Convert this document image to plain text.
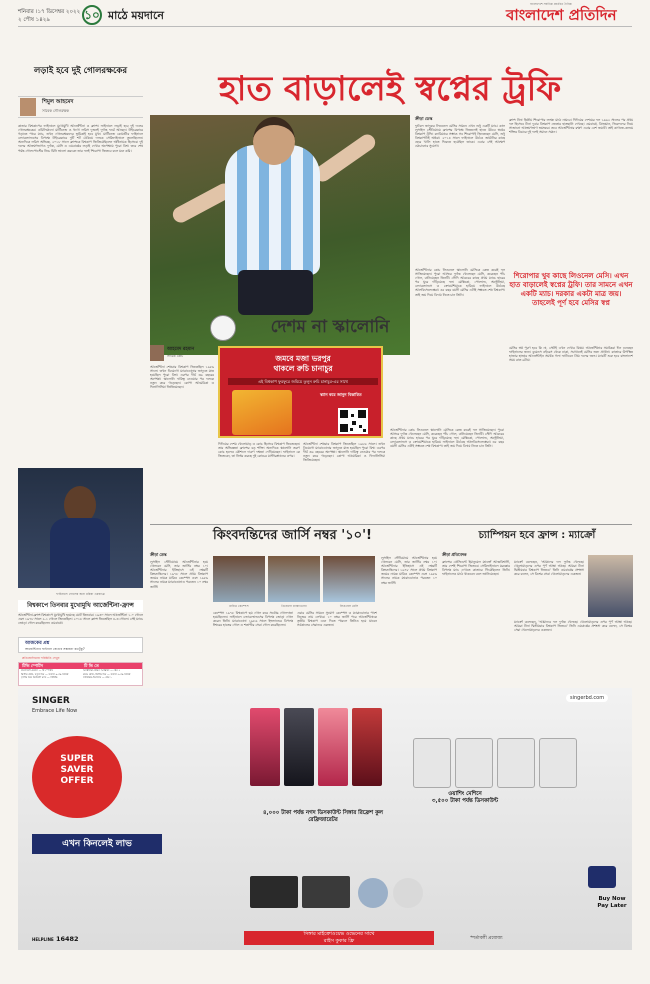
শনিবার ।১৭ ডিসেম্বর ২০২২
২ পৌষ ১৪২৯	১০ মাঠে ময়দানে
বাংলাদেশে সর্বাধিক প্রচারিত দৈনিক
বাংলাদেশ প্রতিদিন
লড়াই হবে দুই গোলরক্ষকের
শিমুল আহমেদ
সাবেক গোলরক্ষক
কাতার বিশ্বকাপের ফাইনালে মুখোমুখি আর্জেন্টিনা ও ফ্রান্স। ফাইনালে লড়াই হবে দুই দলের গোলরক্ষকের। এমিলিয়ানো মার্টিনেজ ও হুগো লরিস দুজনই দুর্দান্ত ফর্মে আছেন। টাইব্রেকারে গড়াতে পারে ম্যাচ, তখন গোলরক্ষকদের ভূমিকাই হবে মুখ্য। মার্টিনেজ কোয়ার্টার ফাইনালে নেদারল্যান্ডসের বিপক্ষে টাইব্রেকারে দুটি শট ঠেকিয়ে দলকে সেমিফাইনালে তুলেছিলেন। অন্যদিকে লরিস অভিজ্ঞ, ২০১৮ সালে ফ্রান্সকে বিশ্বকাপ জিতিয়েছিলেন অধিনায়ক হিসেবে। দুই দলের আক্রমণভাগও দুর্দান্ত, মেসি ও এমবাপ্পের লড়াই দেখার অপেক্ষায় পুরো বিশ্ব। তবে শেষ পর্যন্ত গোলপোস্টের নিচে যিনি ভালো করবেন তার দলই শিরোপা জিতবে বলে মনে করি।
ফাইনালে গোলের জন্য মরিয়া এমবাপ্পে
বিশ্বকাপে তিনবার মুখোমুখি আর্জেন্টিনা-ফ্রান্স
আর্জেন্টিনা-ফ্রান্স বিশ্বকাপে মুখোমুখি হয়েছে মোট তিনবার। ১৯৩০ সালে আর্জেন্টিনা ১-০ গোলে এবং ১৯৭৮ সালে ২-১ গোলে জিতেছিল। ২০১৮ সালে ফ্রান্স জিতেছিল ৪-৩ গোলে। সেই ম্যাচে জোড়া গোল করেছিলেন এমবাপ্পে।
আজকের প্রশ্ন
আর্জেন্টিনার ফাইনাল জেতার সম্ভাবনা কতটুকু?
হাত বাড়ালেই স্বপ্নের ট্রফি
ক্রীড়া ডেস্ক
ফুটবল জাদুকর লিওনেল মেসির সামনে এখন শুধু একটি ম্যাচ। কাল লুসাইল স্টেডিয়ামে ফ্রান্সের বিপক্ষে জিতলেই হাতে উঠবে স্বপ্নের বিশ্বকাপ ট্রফি। ক্যারিয়ারে সম্ভাব্য সব শিরোপাই জিতেছেন মেসি, শুধু বিশ্বকাপটাই অধরা। ২০১৪ সালে ফাইনালে উঠেও জার্মানির কাছে হেরে খালি হাতে ফিরতে হয়েছিল তাকে। এবার সেই আক্ষেপ ঘোচানোর সুযোগ।
আর্জেন্টিনার কোচ লিওনেল স্কালোনি মেসিকে কেন্দ্র করেই দল সাজিয়েছেন। পুরো আসরে দুর্দান্ত খেলেছেন মেসি, করেছেন পাঁচ গোল, বানিয়েছেন তিনটি। সৌদি আরবের কাছে প্রথম ম্যাচে হারের পর ঘুরে দাঁড়িয়েছে দল। মেক্সিকো, পোল্যান্ড, অস্ট্রেলিয়া, নেদারল্যান্ডস ও ক্রোয়েশিয়াকে হারিয়ে ফাইনালে উঠেছে আলবিসেলেস্তেরা। ৩৫ বছর বয়সী মেসির এটাই সম্ভবত শেষ বিশ্বকাপ। তাই জয় দিয়ে বিদায় নিতে চান তিনি।
ফ্রান্স টানা দ্বিতীয় শিরোপার লক্ষ্যে মাঠে নামবে। দিদিয়ের দেশমের দল ১৯৬২ সালের পর প্রথম দল হিসেবে টানা দুবার বিশ্বকাপ জেতার হাতছানি দেখছে। এমবাপ্পে, গ্রিজমান, জিরুদদের নিয়ে সাজানো আক্রমণভাগ ভয়ংকর। তবে আর্জেন্টিনার রক্ষণ এবার বেশ জমাট। তাই কাগজে-কলমে শক্তির বিচারে দুই দলই সমানে সমান।
শিরোপার খুব কাছে লিওনেল মেসি। এখন হাত বাড়ালেই স্বপ্নের ট্রফি। তার সামনে এখন একটি ম্যাচ। দরকার একটা মাত্র জয়। তাহলেই পূর্ণ হবে মেসির স্বপ্ন
মেসির স্বপ্ন পূরণ হবে কি না, সেটাই এখন দেখার বিষয়। আর্জেন্টিনার সমর্থকরা দিন গুনছেন ফাইনালের জন্য। বুয়েনস এইরেস থেকে ঢাকা, সবখানেই মেসির জন্য প্রার্থনা। কাতারে উপস্থিত হাজার হাজার আর্জেন্টাইন সমর্থক গলা ফাটাবেন প্রিয় দলের জন্য। ম্যাচটি শুরু হবে বাংলাদেশ সময় রাত ৯টায়।
আর্জেন্টিনার কোচ লিওনেল স্কালোনি মেসিকে কেন্দ্র করেই দল সাজিয়েছেন। পুরো আসরে দুর্দান্ত খেলেছেন মেসি, করেছেন পাঁচ গোল, বানিয়েছেন তিনটি। সৌদি আরবের কাছে প্রথম ম্যাচে হারের পর ঘুরে দাঁড়িয়েছে দল। মেক্সিকো, পোল্যান্ড, অস্ট্রেলিয়া, নেদারল্যান্ডস ও ক্রোয়েশিয়াকে হারিয়ে ফাইনালে উঠেছে আলবিসেলেস্তেরা। ৩৫ বছর বয়সী মেসির এটাই সম্ভবত শেষ বিশ্বকাপ। তাই জয় দিয়ে বিদায় নিতে চান তিনি।
দেশম না স্কালোনি
আহমেদ রহমান
সাবেক কোচ
আর্জেন্টিনা শেষবার বিশ্বকাপ জিতেছিল ১৯৮৬ সালে। তখন ডিয়েগো ম্যারাডোনার জাদুতে মাত হয়েছিল পুরো বিশ্ব। এরপর দীর্ঘ ৩৬ বছরের অপেক্ষা। স্কালোনি দায়িত্ব নেওয়ার পর দলকে নতুন করে গড়েছেন। কোপা আমেরিকা ও ফিনালিসিমা জিতিয়েছেন।
দিদিয়ের দেশম খেলোয়াড় ও কোচ হিসেবে বিশ্বকাপ জিতেছেন। তার অভিজ্ঞতা ফ্রান্সের বড় শক্তি। অন্যদিকে স্কালোনি তরুণ কোচ হলেও কৌশলে দারুণ দক্ষতা দেখিয়েছেন। ফাইনালে কে জিতবেন, তা নির্ভর করছে দুই কোচের মাস্টারপ্ল্যানের ওপর।
আর্জেন্টিনা শেষবার বিশ্বকাপ জিতেছিল ১৯৮৬ সালে। তখন ডিয়েগো ম্যারাডোনার জাদুতে মাত হয়েছিল পুরো বিশ্ব। এরপর দীর্ঘ ৩৬ বছরের অপেক্ষা। স্কালোনি দায়িত্ব নেওয়ার পর দলকে নতুন করে গড়েছেন। কোপা আমেরিকা ও ফিনালিসিমা জিতিয়েছেন।
জমবে মজা ভরপুর
থাকলে রুচি চানাচুর
এই বিশ্বকাপ ফুরফুরে জমিয়ে তুলুন রুচি চানাচুর-এর সাথে
স্ক্যান করে জানুন বিস্তারিত
কিংবদন্তিদের জার্সি নম্বর '১০'!	চ্যাম্পিয়ন হবে ফ্রান্স : ম্যাক্রোঁ
ক্রীড়া ডেস্ক
লুসাইল স্টেডিয়ামে আর্জেন্টিনার হয়ে খেলবেন মেসি, তার জার্সির নম্বর ১০। আর্জেন্টিনার ইতিহাসে এই নম্বরটি কিংবদন্তিদের। ১৯৭৮ সালে প্রথম বিশ্বকাপ জয়ের নায়ক মারিও কেম্পেস এবং ১৯৮৬ সালের নায়ক ম্যারাডোনাও পরতেন ১০ নম্বর জার্সি।
মারিও কেম্পেস	ডিয়েগো ম্যারাডোনা	লিওনেল মেসি
কেম্পেস ১৯৭৮ বিশ্বকাপে ছয় গোল করে সর্বোচ্চ গোলদাতা হয়েছিলেন। ফাইনালে নেদারল্যান্ডসের বিপক্ষে জোড়া গোল করেন তিনি। ম্যারাডোনা ১৯৮৬ সালে ইংল্যান্ডের বিপক্ষে ঈশ্বরের হাতের গোল ও শতাব্দীর সেরা গোল করেছিলেন।
এবার মেসির সামনে সুযোগ কেম্পেস ও ম্যারাডোনার পাশে নিজের নাম লেখার। ১০ নম্বর জার্সি পরে আর্জেন্টিনাকে তৃতীয় বিশ্বকাপ এনে দিতে পারলে তিনিও হয়ে যাবেন সর্বকালের সেরাদের একজন।
লুসাইল স্টেডিয়ামে আর্জেন্টিনার হয়ে খেলবেন মেসি, তার জার্সির নম্বর ১০। আর্জেন্টিনার ইতিহাসে এই নম্বরটি কিংবদন্তিদের। ১৯৭৮ সালে প্রথম বিশ্বকাপ জয়ের নায়ক মারিও কেম্পেস এবং ১৯৮৬ সালের নায়ক ম্যারাডোনাও পরতেন ১০ নম্বর জার্সি।
ক্রীড়া প্রতিবেদক
ফ্রান্সের প্রেসিডেন্ট ইমানুয়েল ম্যাক্রোঁ আত্মবিশ্বাসী, তার দেশই শিরোপা জিতবে। সেমিফাইনালে মরক্কোর বিপক্ষে ম্যাচ দেখতে কাতারে গিয়েছিলেন তিনি। ফাইনালেও মাঠে থাকবেন বলে জানিয়েছেন।
ম্যাক্রোঁ বলেছেন, 'আমাদের দল দুর্দান্ত খেলছে। খেলোয়াড়দের ওপর পূর্ণ আস্থা আছে। আমরা টানা দ্বিতীয়বার বিশ্বকাপ জিতব।' তিনি এমবাপ্পের প্রশংসা করে বলেন, সে বিশ্বের সেরা খেলোয়াড়দের একজন।
ম্যাক্রোঁ বলেছেন, 'আমাদের দল দুর্দান্ত খেলছে। খেলোয়াড়দের ওপর পূর্ণ আস্থা আছে। আমরা টানা দ্বিতীয়বার বিশ্বকাপ জিতব।' তিনি এমবাপ্পের প্রশংসা করে বলেন, সে বিশ্বের সেরা খেলোয়াড়দের একজন।
SINGER
Embrace Life Now
singerbd.com
SUPER
SAVER
OFFER
এখন কিনলেই লাভ
৪,০০০ টাকা পর্যন্ত নগদ ডিসকাউন্ট সিঙ্গার রিফ্রেশ কুল রেফ্রিজারেটর
ওয়াশিং মেশিনে
৩,৫০০ টাকা পর্যন্ত ডিসকাউন্ট
সিঙ্গার মাইক্রোওয়েভ ওভেনের সাথে
রাইস কুকার ফ্রি
HELPLINE 16482
Buy Now Pay Later
*শর্তাবলী প্রযোজ্য
প্রতিযোগিতার পরিচিতি দেখুন
টিভি স্পোর্টস
বাংলাদেশ-ভারত — টি স্পোর্টস
দ্বিতীয় টেস্ট, চতুর্থ দিন — সকাল ৯-৩০ মিনিট
তৃতীয় স্থান নির্ধারণী ম্যাচ — বিটিভি
টি ভি তে
অস্ট্রেলিয়া-দক্ষিণ আফ্রিকা — টেন ২
প্রথম টেস্ট, দ্বিতীয় দিন — সকাল ৬-৩০ মিনিট
পাকিস্তান-ইংল্যান্ড — টেন ১
